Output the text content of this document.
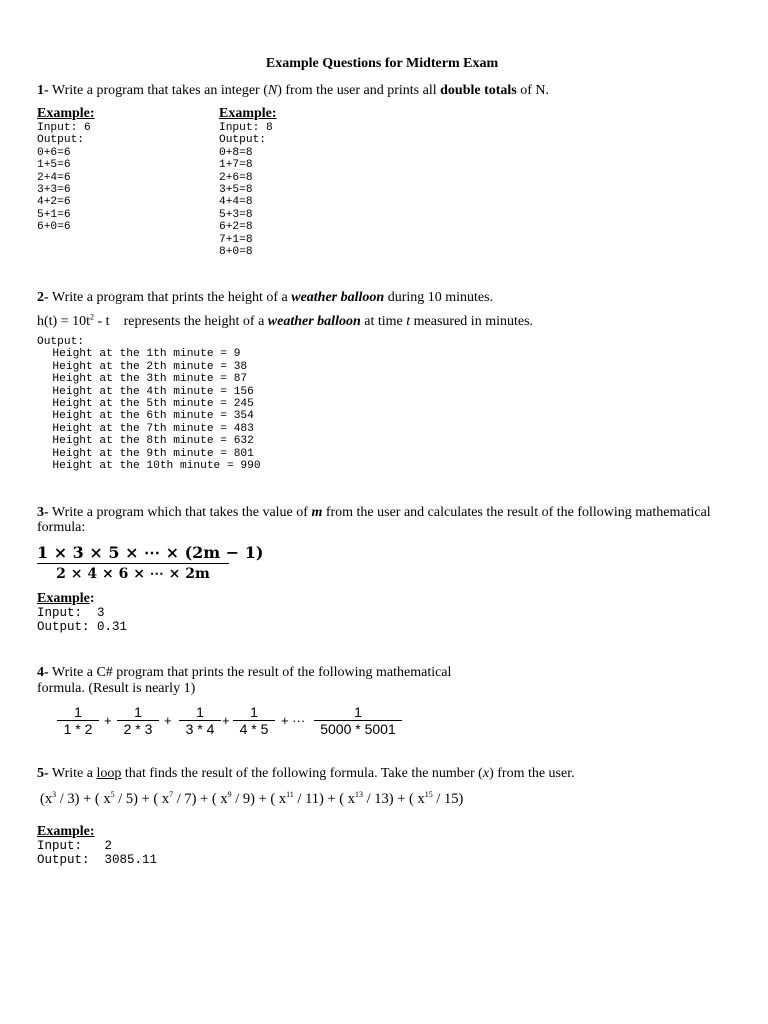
Example Questions for Midterm Exam
1- Write a program that takes an integer (N) from the user and prints all double totals of N.
Example:
Input: 6
Output:
0+6=6
1+5=6
2+4=6
3+3=6
4+2=6
5+1=6
6+0=6
Example:
Input: 8
Output:
0+8=8
1+7=8
2+6=8
3+5=8
4+4=8
5+3=8
6+2=8
7+1=8
8+0=8
2- Write a program that prints the height of a weather balloon during 10 minutes.
$h(t) = 10t^2 - t$ represents the height of a weather balloon at time t measured in minutes.
Output:
Height at the 1th minute = 9
Height at the 2th minute = 38
Height at the 3th minute = 87
Height at the 4th minute = 156
Height at the 5th minute = 245
Height at the 6th minute = 354
Height at the 7th minute = 483
Height at the 8th minute = 632
Height at the 9th minute = 801
Height at the 10th minute = 990
3- Write a program which that takes the value of m from the user and calculates the result of the following mathematical
formula:
1 × 3 × 5 × ⋯ × (2m − 1)
2 × 4 × 6 × ⋯ × 2m
Example:
Input:  3
Output: 0.31
4- Write a C# program that prints the result of the following mathematical
formula. (Result is nearly 1)
1
1 * 2
+
1
2 * 3
+
1
3 * 4
+
1
4 * 5
+ ···
1
5000 * 5001
5- Write a loop that finds the result of the following formula. Take the number (x) from the user.
$(x^3 / 3)$ + ( $x^5 / 5$) + ( $x^7 / 7$) + ( $x^9 / 9$) + ( $x^{11} / 11$) + ( $x^{13} / 13$) + ( $x^{15} / 15$)
Example:
Input:   2
Output:  3085.11
